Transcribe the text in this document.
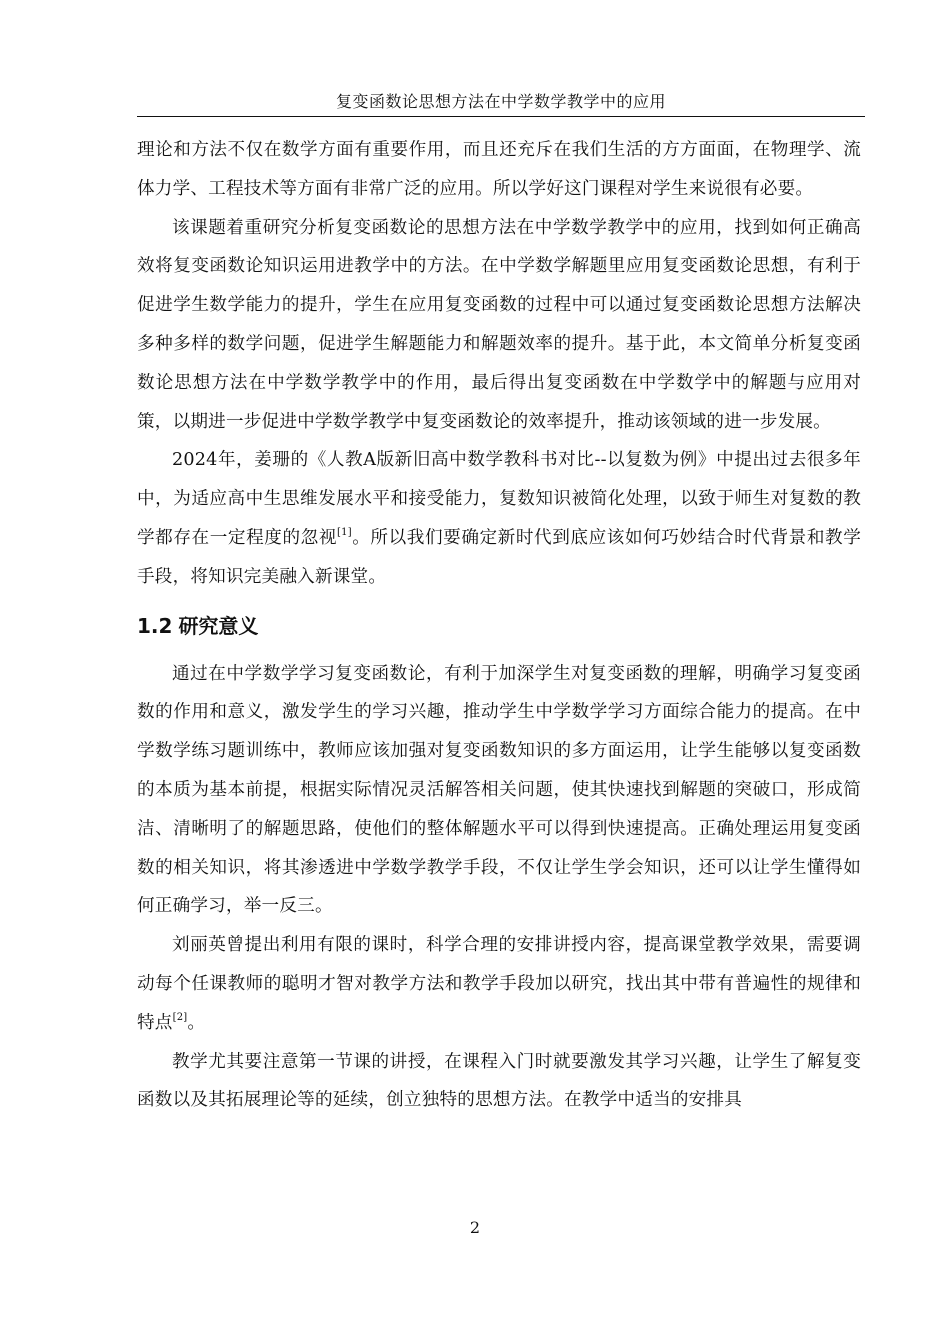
复变函数论思想方法在中学数学教学中的应用

理论和方法不仅在数学方面有重要作用，而且还充斥在我们生活的方方面面，在物理学、流体力学、工程技术等方面有非常广泛的应用。所以学好这门课程对学生来说很有必要。

该课题着重研究分析复变函数论的思想方法在中学数学教学中的应用，找到如何正确高效将复变函数论知识运用进教学中的方法。在中学数学解题里应用复变函数论思想，有利于促进学生数学能力的提升，学生在应用复变函数的过程中可以通过复变函数论思想方法解决多种多样的数学问题，促进学生解题能力和解题效率的提升。基于此，本文简单分析复变函数论思想方法在中学数学教学中的作用，最后得出复变函数在中学数学中的解题与应用对策，以期进一步促进中学数学教学中复变函数论的效率提升，推动该领域的进一步发展。

2024年，姜珊的《人教A版新旧高中数学教科书对比--以复数为例》中提出过去很多年中，为适应高中生思维发展水平和接受能力，复数知识被简化处理，以致于师生对复数的教学都存在一定程度的忽视[1]。所以我们要确定新时代到底应该如何巧妙结合时代背景和教学手段，将知识完美融入新课堂。

1.2 研究意义

通过在中学数学学习复变函数论，有利于加深学生对复变函数的理解，明确学习复变函数的作用和意义，激发学生的学习兴趣，推动学生中学数学学习方面综合能力的提高。在中学数学练习题训练中，教师应该加强对复变函数知识的多方面运用，让学生能够以复变函数的本质为基本前提，根据实际情况灵活解答相关问题，使其快速找到解题的突破口，形成简洁、清晰明了的解题思路，使他们的整体解题水平可以得到快速提高。正确处理运用复变函数的相关知识，将其渗透进中学数学教学手段，不仅让学生学会知识，还可以让学生懂得如何正确学习，举一反三。

刘丽英曾提出利用有限的课时，科学合理的安排讲授内容，提高课堂教学效果，需要调动每个任课教师的聪明才智对教学方法和教学手段加以研究，找出其中带有普遍性的规律和特点[2]。

教学尤其要注意第一节课的讲授，在课程入门时就要激发其学习兴趣，让学生了解复变函数以及其拓展理论等的延续，创立独特的思想方法。在教学中适当的安排具

2
